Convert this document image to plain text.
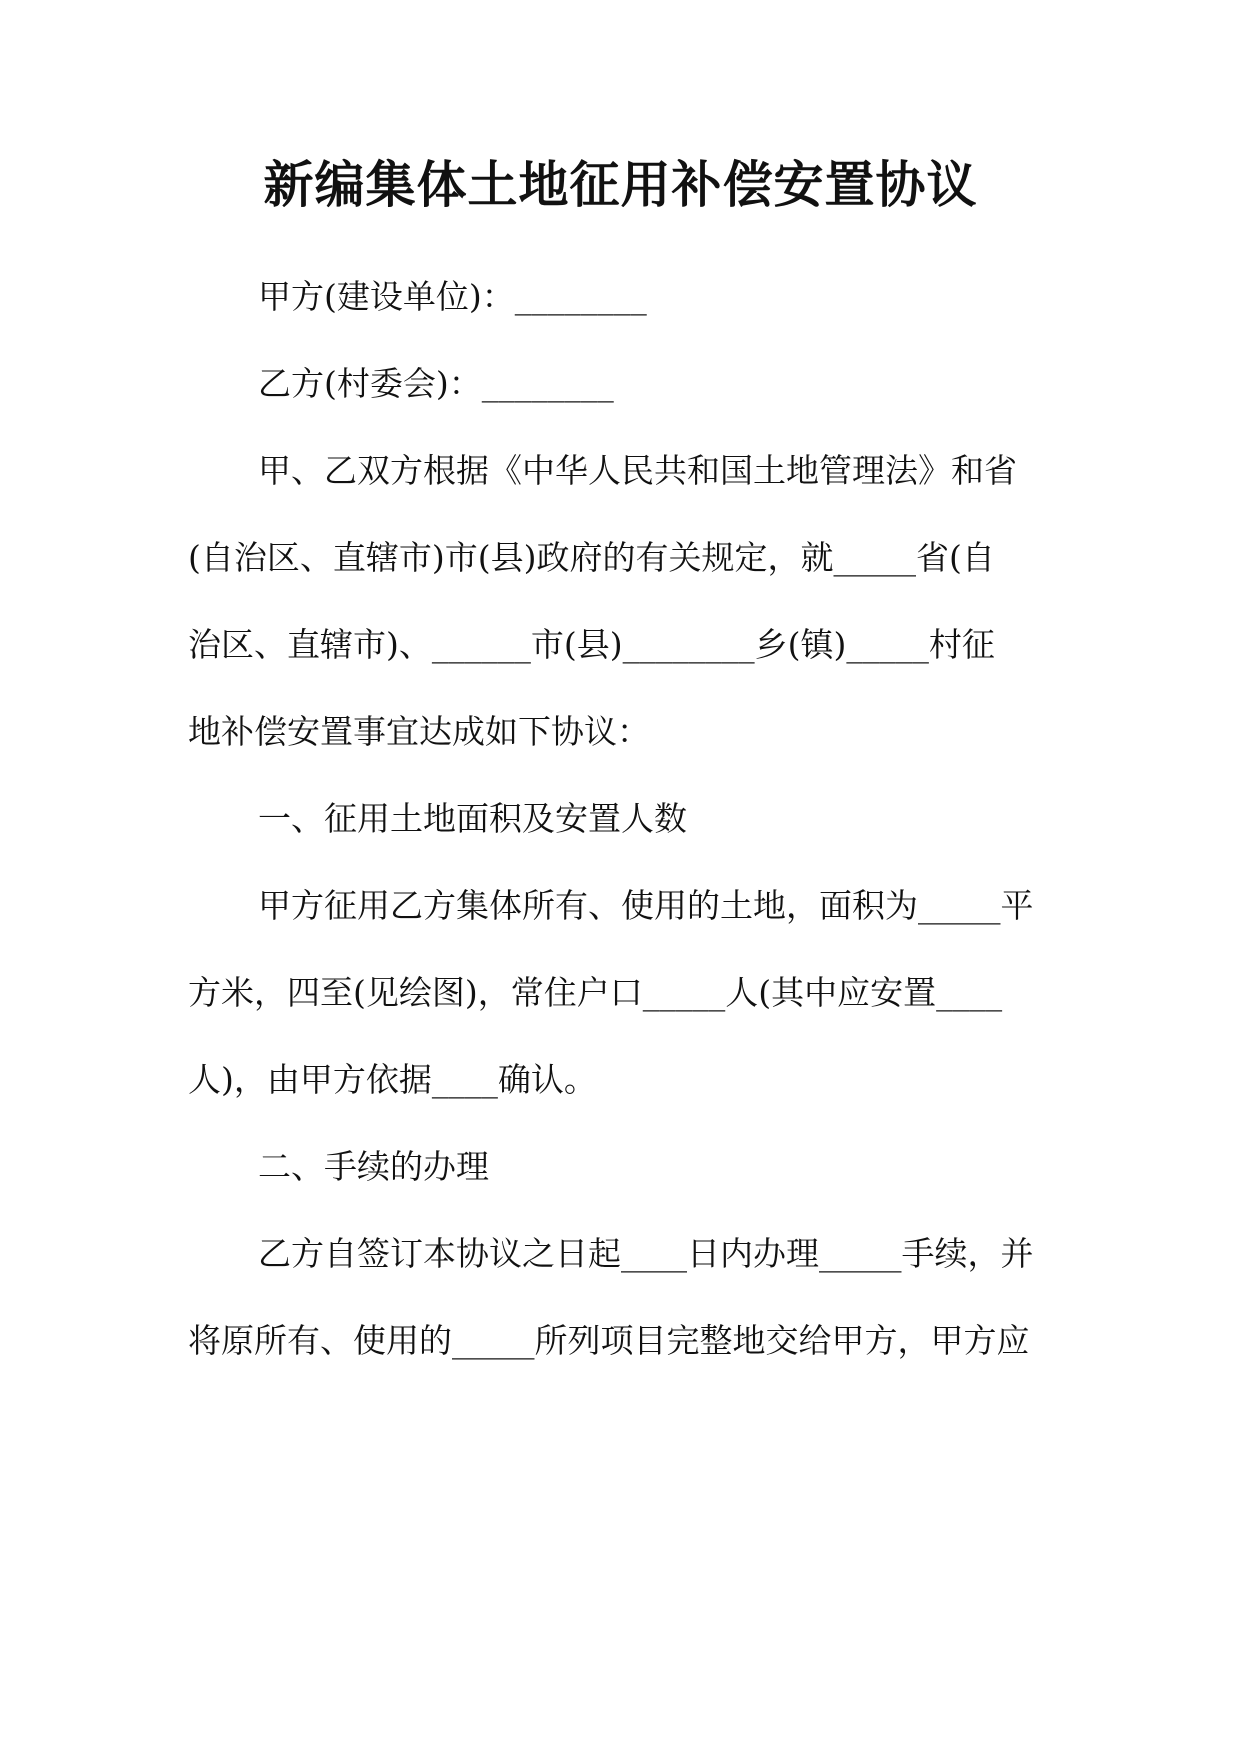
新编集体土地征用补偿安置协议

甲方(建设单位)：________

乙方(村委会)：________

甲、乙双方根据《中华人民共和国土地管理法》和省

(自治区、直辖市)市(县)政府的有关规定，就_____省(自

治区、直辖市)、______市(县)________乡(镇)_____村征

地补偿安置事宜达成如下协议：

一、征用土地面积及安置人数

甲方征用乙方集体所有、使用的土地，面积为_____平

方米，四至(见绘图)，常住户口_____人(其中应安置____

人)，由甲方依据____确认。

二、手续的办理

乙方自签订本协议之日起____日内办理_____手续，并

将原所有、使用的_____所列项目完整地交给甲方，甲方应
